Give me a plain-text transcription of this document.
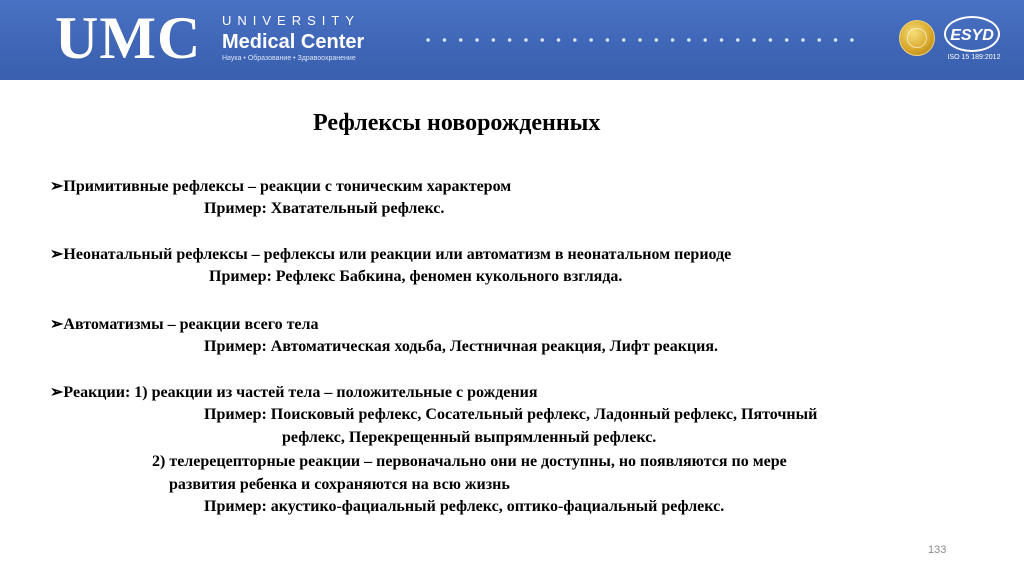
UMC UNIVERSITY
Medical Center
Наука • Образование • Здравоохранение
ESYD
ISO 15 189:2012
Рефлексы новорожденных
➢Примитивные рефлексы – реакции с тоническим характером
Пример: Хватательный рефлекс.
➢Неонатальный рефлексы – рефлексы или реакции или автоматизм в неонатальном периоде
Пример: Рефлекс Бабкина, феномен кукольного взгляда.
➢Автоматизмы – реакции всего тела
Пример: Автоматическая ходьба, Лестничная реакция, Лифт реакция.
➢Реакции: 1) реакции из частей тела – положительные с рождения
Пример: Поисковый рефлекс, Сосательный рефлекс, Ладонный рефлекс, Пяточный
рефлекс, Перекрещенный выпрямленный рефлекс.
2) телерецепторные реакции – первоначально они не доступны, но появляются по мере
развития ребенка и сохраняются на всю жизнь
Пример: акустико-фациальный рефлекс, оптико-фациальный рефлекс.
133
